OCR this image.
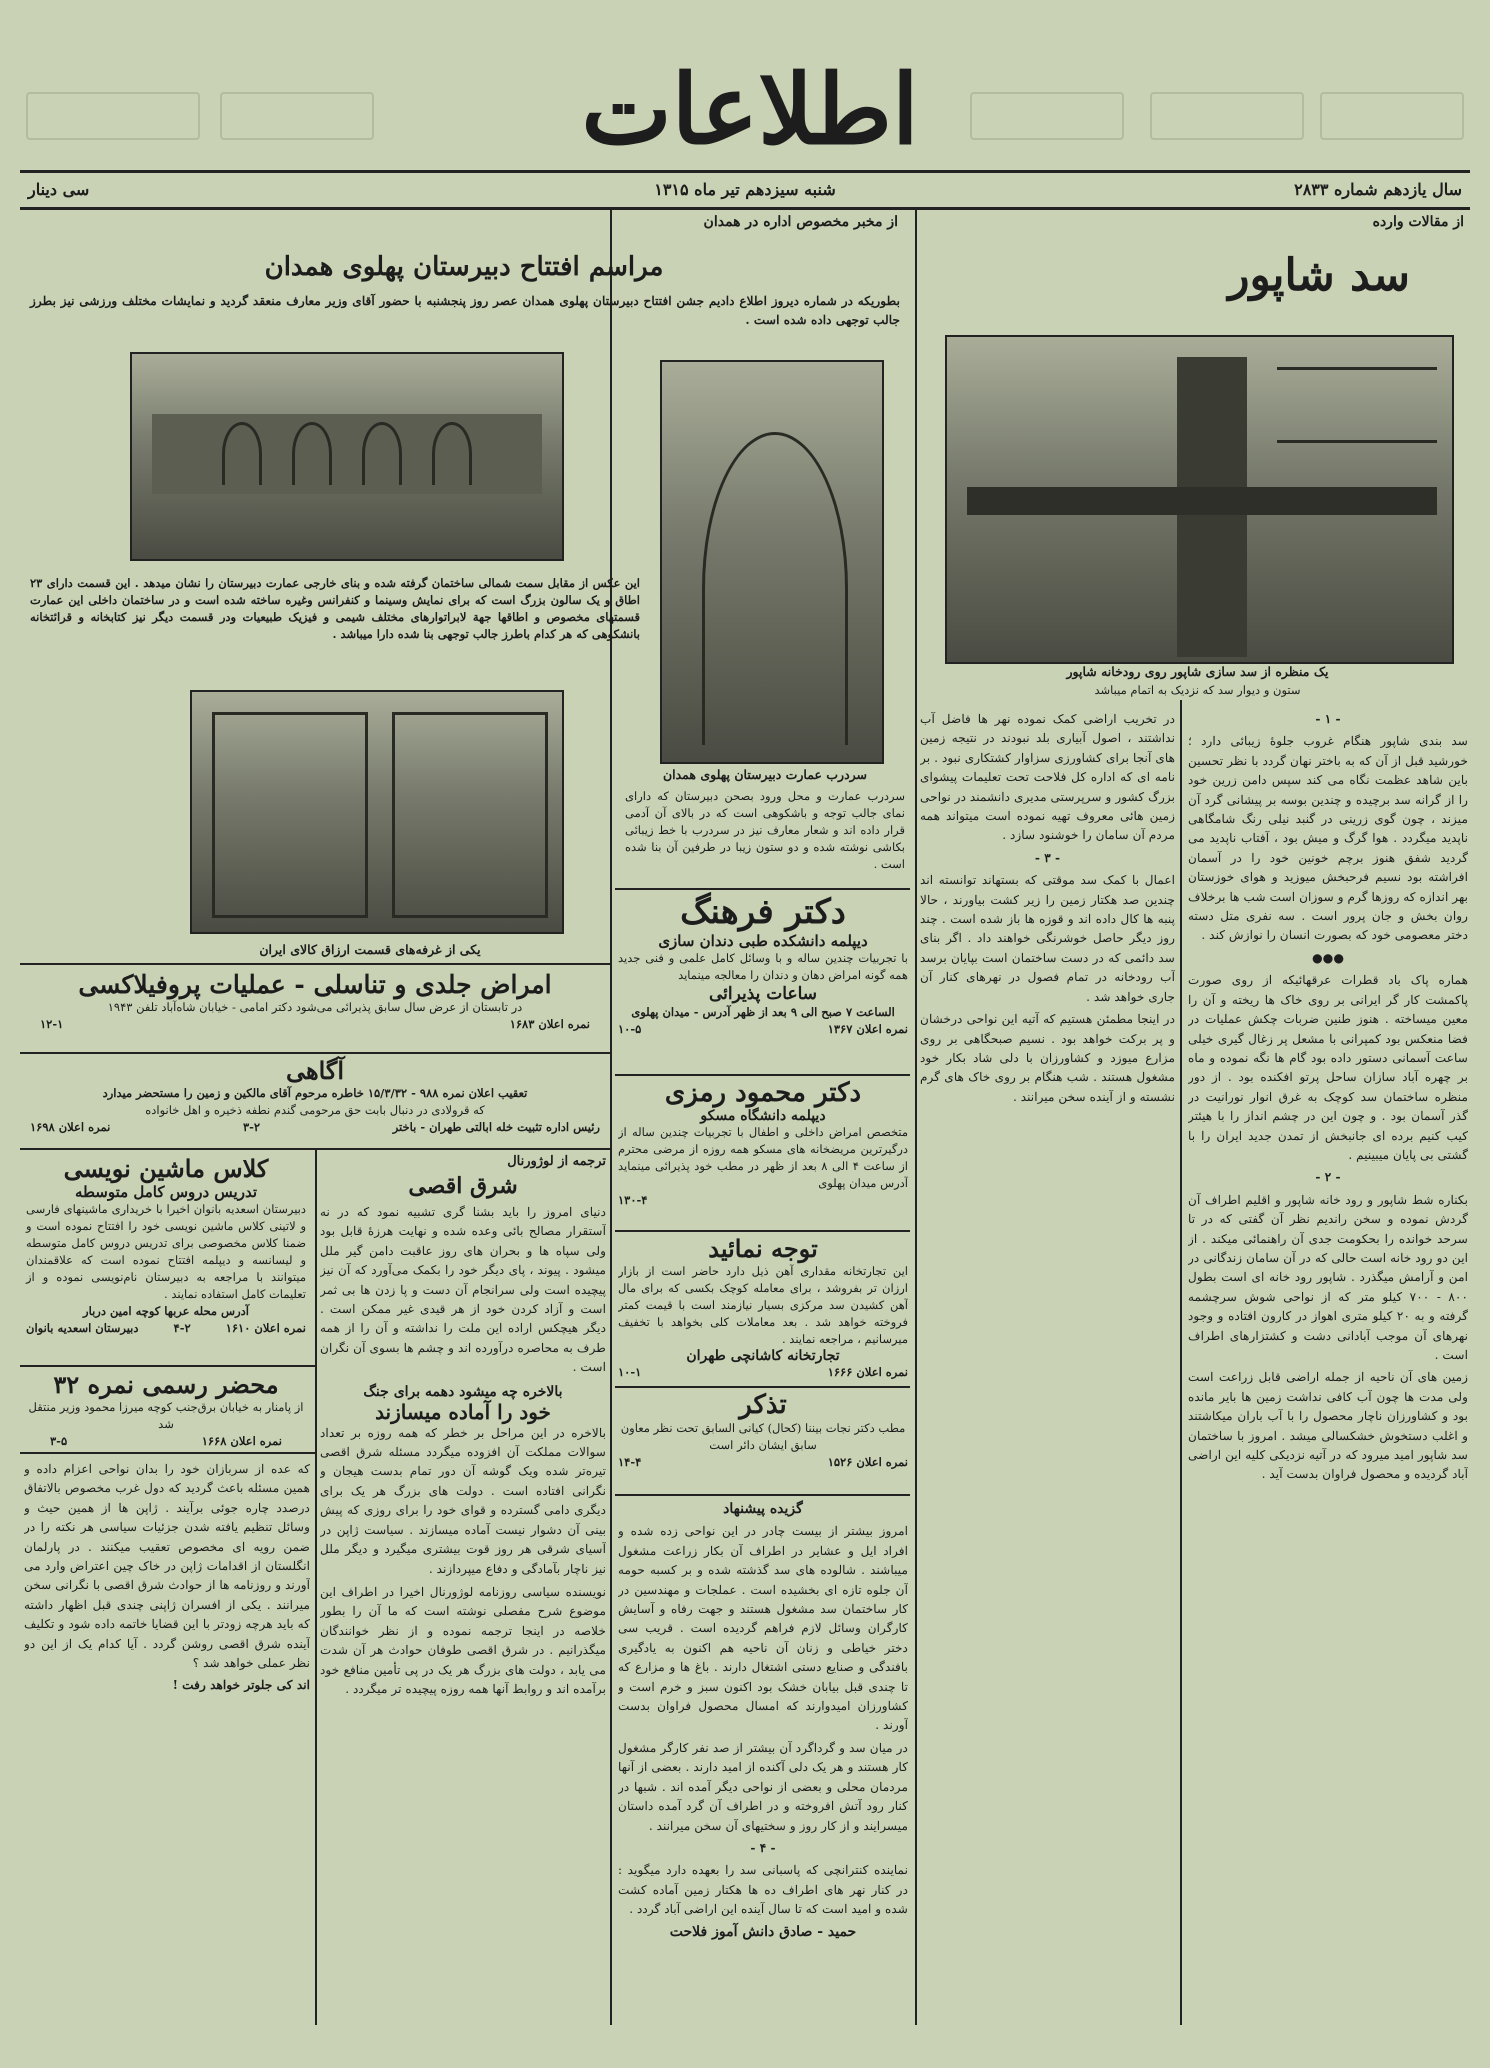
اطلاعات
سال یازدهم شماره ۲۸۳۳
شنبه سیزدهم تیر ماه ۱۳۱۵
سی دینار
از مقالات وارده
سد شاپور
یک منظره از سد سازی شاپور روی رودخانه شاپور
ستون و دیوار سد که نزدیک به اتمام میباشد

- ۱ -

سد بندی شاپور هنگام غروب جلوهٔ زیبائی دارد ؛ خورشید قبل از آن که به باختر نهان گردد با نظر تحسین باین شاهد عظمت نگاه می کند سپس دامن زرین خود را از گرانه سد برچیده و چندین بوسه بر پیشانی گرد آن میزند ، چون گوی زرینی در گنبد نیلی رنگ شامگاهی ناپدید میگردد . هوا گرگ و میش بود ، آفتاب ناپدید می گردید شفق هنوز برچم خونین خود را در آسمان افراشته بود نسیم فرحبخش میوزید و هوای خوزستان بهر اندازه که روزها گرم و سوزان است شب ها برخلاف روان بخش و جان پرور است . سه نفری متل دسته دختر معصومی خود که بصورت انسان را نوازش کند .

●●●

هماره پاک باد قطرات عرقهائیکه از روی صورت پاکمشت کار گر ایرانی بر روی خاک ها ریخته و آن را معین میساخته . هنوز طنین ضربات چکش عملیات در فضا منعکس بود کمپرانی با مشعل پر زغال گیری خیلی ساعت آسمانی دستور داده بود گام ها نگه نموده و ماه بر چهره آباد سازان ساحل پرتو افکنده بود . از دور منظره ساختمان سد کوچک به غرق انوار نورانیت در گذر آسمان بود . و چون این در چشم انداز را با هیئتر کیب کنیم برده ای جانبخش از تمدن جدید ایران را با گشتی بی پایان میبینیم .

- ۲ -

بکناره شط شاپور و رود خانه شاپور و اقلیم اطراف آن گردش نموده و سخن راندیم نظر آن گفتی که در تا سرحد خوانده را بحکومت جدی آن راهنمائی میکند . از این دو رود خانه است حالی که در آن سامان زندگانی در امن و آرامش میگذرد . شاپور رود خانه ای است بطول ۸۰۰ - ۷۰۰ کیلو متر که از نواحی شوش سرچشمه گرفته و به ۲۰ کیلو متری اهواز در کارون افتاده و وجود نهرهای آن موجب آبادانی دشت و کشتزارهای اطراف است .

زمین های آن ناحیه از جمله اراضی قابل زراعت است ولی مدت ها چون آب کافی نداشت زمین ها بایر مانده بود و کشاورزان ناچار محصول را با آب باران میکاشتند و اغلب دستخوش خشکسالی میشد . امروز با ساختمان سد شاپور امید میرود که در آتیه نزدیکی کلیه این اراضی آباد گردیده و محصول فراوان بدست آید .

در تخریب اراضی کمک نموده نهر ها فاضل آب نداشتند ، اصول آبیاری بلد نبودند در نتیجه زمین های آنجا برای کشاورزی سزاوار کشتکاری نبود . بر نامه ای که اداره کل فلاحت تحت تعلیمات پیشوای بزرگ کشور و سرپرستی مدیری دانشمند در نواحی زمین هائی معروف تهیه نموده است میتواند همه مردم آن سامان را خوشنود سازد .

- ۳ -

اعمال با کمک سد موقتی که بستهاند توانسته اند چندین صد هکتار زمین را زیر کشت بیاورند ، حالا پنبه ها کال داده اند و قوزه ها باز شده است . چند روز دیگر حاصل خوشرنگی خواهند داد . اگر بنای سد دائمی که در دست ساختمان است بپایان برسد آب رودخانه در تمام فصول در نهرهای کنار آن جاری خواهد شد .

در اینجا مطمئن هستیم که آتیه این نواحی درخشان و پر برکت خواهد بود . نسیم صبحگاهی بر روی مزارع میوزد و کشاورزان با دلی شاد بکار خود مشغول هستند . شب هنگام بر روی خاک های گرم نشسته و از آینده سخن میرانند .

از مخبر مخصوص اداره در همدان
مراسم افتتاح دبیرستان پهلوی همدان
بطوریکه در شماره دیروز اطلاع دادیم جشن افتتاح دبیرستان پهلوی همدان عصر روز پنجشنبه با حضور آقای وزیر معارف منعقد گردید و نمایشات مختلف ورزشی نیز بطرز جالب توجهی داده شده است .
این عکس از مقابل سمت شمالی ساختمان گرفته شده و بنای خارجی عمارت دبیرستان را نشان میدهد . این قسمت دارای ۲۳ اطاق و یک سالون بزرگ است که برای نمایش وسینما و کنفرانس وغیره ساخته شده است و در ساختمان داخلی این عمارت قسمتهای مخصوص و اطاقها جهة لابراتوارهای مختلف شیمی و فیزیک طبیعیات ودر قسمت دیگر نیز کتابخانه و قرائتخانه بانشکوهی که هر کدام باطرز جالب توجهی بنا شده دارا میباشد .
سردرب عمارت دبیرستان پهلوی همدان
سردرب عمارت و محل ورود بصحن دبیرستان که دارای نمای جالب توجه و باشکوهی است که در بالای آن آدمی قرار داده اند و شعار معارف نیز در سردرب با خط زیبائی بکاشی نوشته شده و دو ستون زیبا در طرفین آن بنا شده است .
یکی از غرفه‌های قسمت ارزاق کالای ایران
امراض جلدی و تناسلی - عملیات پروفیلاکسی
در تابستان از عرض سال سابق پذیرائی می‌شود دکتر امامی - خیابان شاه‌آباد تلفن ۱۹۴۳
نمره اعلان ۱۶۸۳
۱۲-۱
آگاهی
تعقیب اعلان نمره ۹۸۸ - ۱۵/۳/۳۲ خاطره مرحوم آقای مالکین و زمین را مستحضر میدارد
که قرولادی در دنبال بابت حق مرحومی گندم نطفه ذخیره و اهل خانواده
رئیس اداره تثبیت خله ابالتی طهران - باختر
۳-۲
نمره اعلان ۱۶۹۸
کلاس ماشین نویسی
تدریس دروس کامل متوسطه
دبیرستان اسعدیه بانوان اخیرا با خریداری ماشینهای فارسی و لاتینی کلاس ماشین نویسی خود را افتتاح نموده است و ضمنا کلاس مخصوصی برای تدریس دروس کامل متوسطه و لیسانسه و دیپلمه افتتاح نموده است که علاقمندان میتوانند با مراجعه به دبیرستان نام‌نویسی نموده و از تعلیمات کامل استفاده نمایند .
آدرس محله عربها کوچه امین دربار
نمره اعلان ۱۶۱۰
۴-۲
دبیرستان اسعدیه بانوان
محضر رسمی نمره ۳۲
از پامنار به خیابان برق‌جنب کوچه میرزا محمود وزیر منتقل شد
نمره اعلان ۱۶۶۸
۳-۵

که عده از سربازان خود را بدان نواحی اعزام داده و همین مسئله باعث گردید که دول غرب مخصوص بالاتفاق درصدد چاره جوئی برآیند . ژاپن ها از همین حیث و وسائل تنظیم یافته شدن جزئیات سیاسی هر نکته را در ضمن رویه ای مخصوص تعقیب میکنند . در پارلمان انگلستان از اقدامات ژاپن در خاک چین اعتراض وارد می آورند و روزنامه ها از حوادث شرق اقصی با نگرانی سخن میرانند . یکی از افسران ژاپنی چندی قبل اظهار داشته که باید هرچه زودتر با این قضایا خاتمه داده شود و تکلیف آینده شرق اقصی روشن گردد . آیا کدام یک از این دو نظر عملی خواهد شد ؟

اند کی جلوتر خواهد رفت !

ترجمه از لوژورنال
شرق اقصی
دنیای امروز را باید بشنا گری تشبیه نمود که در نه آستقرار مصالح بائی وعده شده و نهایت هرزهٔ قابل بود ولی سپاه ها و بحران های روز عاقبت دامن گیر ملل میشود . پیوند ، پای دیگر خود را بکمک می‌آورد که آن نیز پیچیده است ولی سرانجام آن دست و پا زدن ها بی ثمر است و آزاد کردن خود از هر قیدی غیر ممکن است . دیگر هیچکس اراده این ملت را نداشته و آن را از همه طرف به محاصره درآورده اند و چشم ها بسوی آن نگران است .
بالاخره چه میشود دهمه برای جنگ
خود را آماده میسازند
بالاخره در این مراحل بر خطر که همه روزه بر تعداد سوالات مملکت آن افزوده میگردد مسئله شرق اقصی تیره‌تر شده ویک گوشه آن دور تمام بدست هیجان و نگرانی افتاده است . دولت های بزرگ هر یک برای دیگری دامی گسترده و قوای خود را برای روزی که پیش بینی آن دشوار نیست آماده میسازند . سیاست ژاپن در آسیای شرقی هر روز قوت بیشتری میگیرد و دیگر ملل نیز ناچار بآمادگی و دفاع میپردازند .
نویسنده سیاسی روزنامه لوژورنال اخیرا در اطراف این موضوع شرح مفصلی نوشته است که ما آن را بطور خلاصه در اینجا ترجمه نموده و از نظر خوانندگان میگذرانیم . در شرق اقصی طوفان حوادث هر آن شدت می یابد ، دولت های بزرگ هر یک در پی تأمین منافع خود برآمده اند و روابط آنها همه روزه پیچیده تر میگردد .
دکتر فرهنگ
دیپلمه دانشکده طبی دندان سازی
با تجربیات چندین ساله و با وسائل کامل علمی و فنی جدید همه گونه امراض دهان و دندان را معالجه مینماید
ساعات پذیرائی
الساعت ۷ صبح الی ۹ بعد از ظهر آدرس - میدان پهلوی
نمره اعلان ۱۳۶۷
۱۰-۵
دکتر محمود رمزی
دیپلمه دانشگاه مسکو
متخصص امراض داخلی و اطفال با تجربیات چندین ساله از درگیرترین مریضخانه های مسکو همه روزه از مرضی محترم از ساعت ۴ الی ۸ بعد از ظهر در مطب خود پذیرائی مینماید آدرس میدان پهلوی
۱۳۰-۴
توجه نمائید
این تجارتخانه مقداری آهن ذیل دارد حاضر است از بازار ارزان تر بفروشد ، برای معامله کوچک بکسی که برای مال آهن کشیدن سد مرکزی بسیار نیازمند است با قیمت کمتر فروخته خواهد شد . بعد معاملات کلی بخواهد با تخفیف میرسانیم ، مراجعه نمایند .
تجارتخانه کاشانچی طهران
نمره اعلان ۱۶۶۶
۱۰-۱
تذکر
مطب دکتر نجات بیننا (کحال) کیانی السابق تحت نظر معاون سابق ایشان دائر است
نمره اعلان ۱۵۲۶
۱۴-۴

گزیده پیشنهاد

امروز بیشتر از بیست چادر در این نواحی زده شده و افراد ایل و عشایر در اطراف آن بکار زراعت مشغول میباشند . شالوده های سد گذشته شده و بر کسبه حومه آن جلوه تازه ای بخشیده است . عملجات و مهندسین در کار ساختمان سد مشغول هستند و جهت رفاه و آسایش کارگران وسائل لازم فراهم گردیده است . قریب سی دختر خیاطی و زنان آن ناحیه هم اکنون به یادگیری بافندگی و صنایع دستی اشتغال دارند . باغ ها و مزارع که تا چندی قبل بیابان خشک بود اکنون سبز و خرم است و کشاورزان امیدوارند که امسال محصول فراوان بدست آورند .

در میان سد و گرداگرد آن بیشتر از صد نفر کارگر مشغول کار هستند و هر یک دلی آکنده از امید دارند . بعضی از آنها مردمان محلی و بعضی از نواحی دیگر آمده اند . شبها در کنار رود آتش افروخته و در اطراف آن گرد آمده داستان میسرایند و از کار روز و سختیهای آن سخن میرانند .

- ۴ -

نماینده کنترانچی که پاسبانی سد را بعهده دارد میگوید : در کنار نهر های اطراف ده ها هکتار زمین آماده کشت شده و امید است که تا سال آینده این اراضی آباد گردد .

حمید - صادق دانش آموز فلاحت
